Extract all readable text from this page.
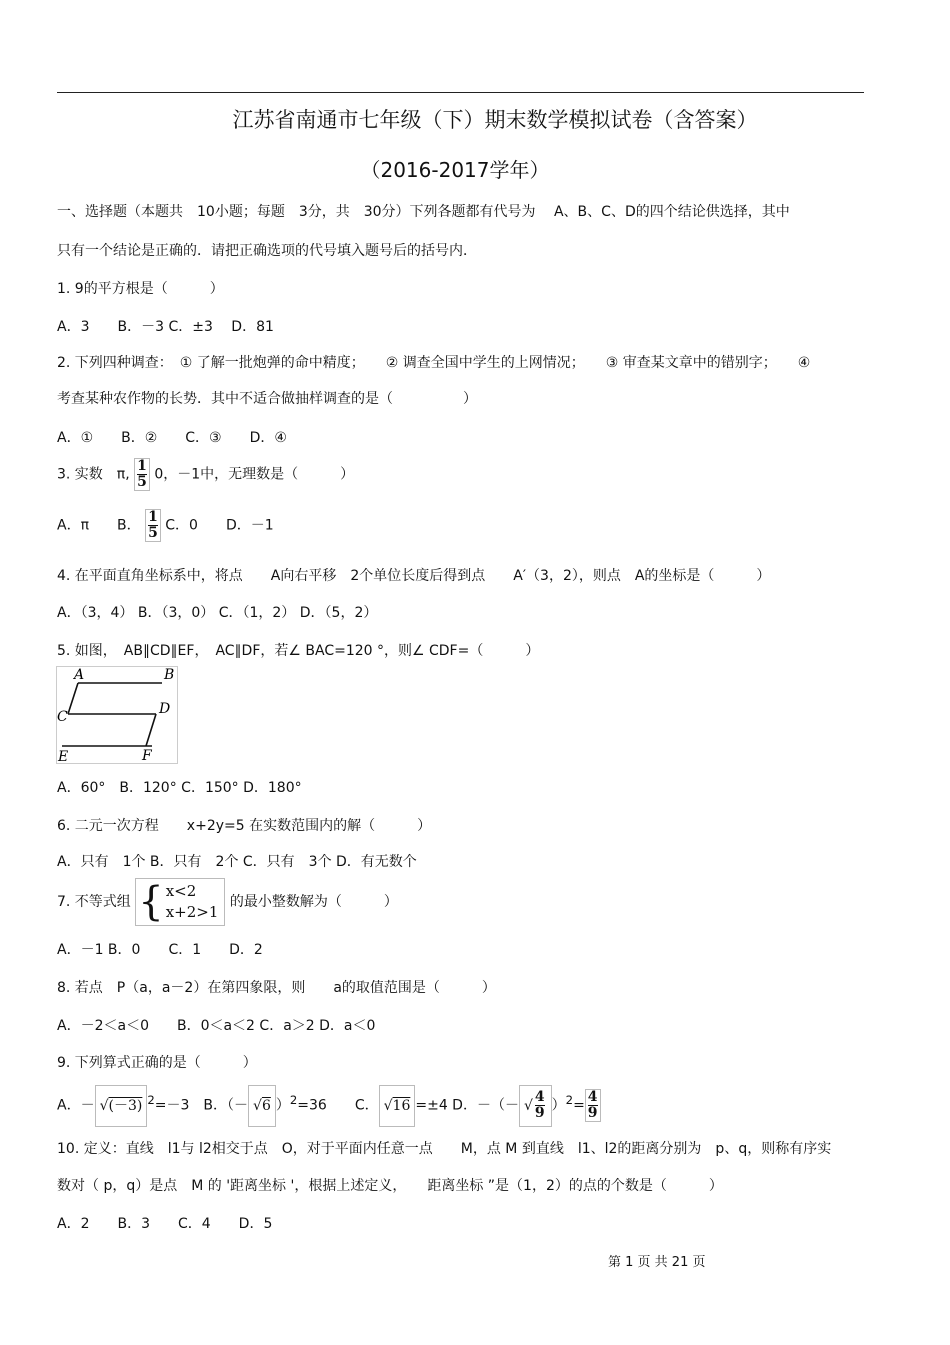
江苏省南通市七年级（下）期末数学模拟试卷（含答案）
（2016-2017学年）
一、选择题（本题共　10小题；每题　3分，共　30分）下列各题都有代号为　 A、B、C、D的四个结论供选择，其中
只有一个结论是正确的．请把正确选项的代号填入题号后的括号内．
1. 9的平方根是（　　　）
A．3　　B．－3 C．±3　 D．81
2. 下列四种调查：　① 了解一批炮弹的命中精度；　　② 调查全国中学生的上网情况；　　③ 审查某文章中的错别字；　　④
考查某种农作物的长势．其中不适合做抽样调查的是（　　　　　）
A．①　　B．②　　C．③　　D．④
3. 实数　π, $\frac{1}{5} 0$，－1中，无理数是（　　　）
A．π　　B． $\frac{1}{5}$ C．0　　D．－1
4. 在平面直角坐标系中，将点　　A向右平移　2个单位长度后得到点　　A′（3，2），则点　A的坐标是（　　　）
A．（3，4） B．（3，0） C．（1，2） D．（5，2）
5. 如图，　AB∥CD∥EF，　AC∥DF，若∠ BAC=120 °，则∠ CDF=（　　　）
A	B
C	D
E	F
A．60°　B．120° C．150° D．180°
6. 二元一次方程　　x+2y=5 在实数范围内的解（　　　）
A．只有　1个 B．只有　2个 C．只有　3个 D．有无数个
7. 不等式组 { x<2
x+2>1
的最小整数解为（　　　）
A．－1 B．0　　C．1　　D．2
8. 若点　P（a，a－2）在第四象限，则　　a的取值范围是（　　　）
A．－2＜a＜0　　B．0＜a＜2 C．a＞2 D．a＜0
9. 下列算式正确的是（　　　）
A．－ √(－3) $^2$=－3　B．（－ √6 ）$^2$=36　　C． √16 =±4 D．－（－ √ $\frac{4}{9} )^2= \frac{4}{9}$
10. 定义：直线　l1与 l2相交于点　O，对于平面内任意一点　　M，点 M 到直线　l1、l2的距离分别为　p、q，则称有序实
数对（ p，q）是点　M 的 '距离坐标 '，根据上述定义，　　距离坐标 ”是（1，2）的点的个数是（　　　）
A．2　　B．3　　C．4　　D．5
第 1 页 共 21 页
